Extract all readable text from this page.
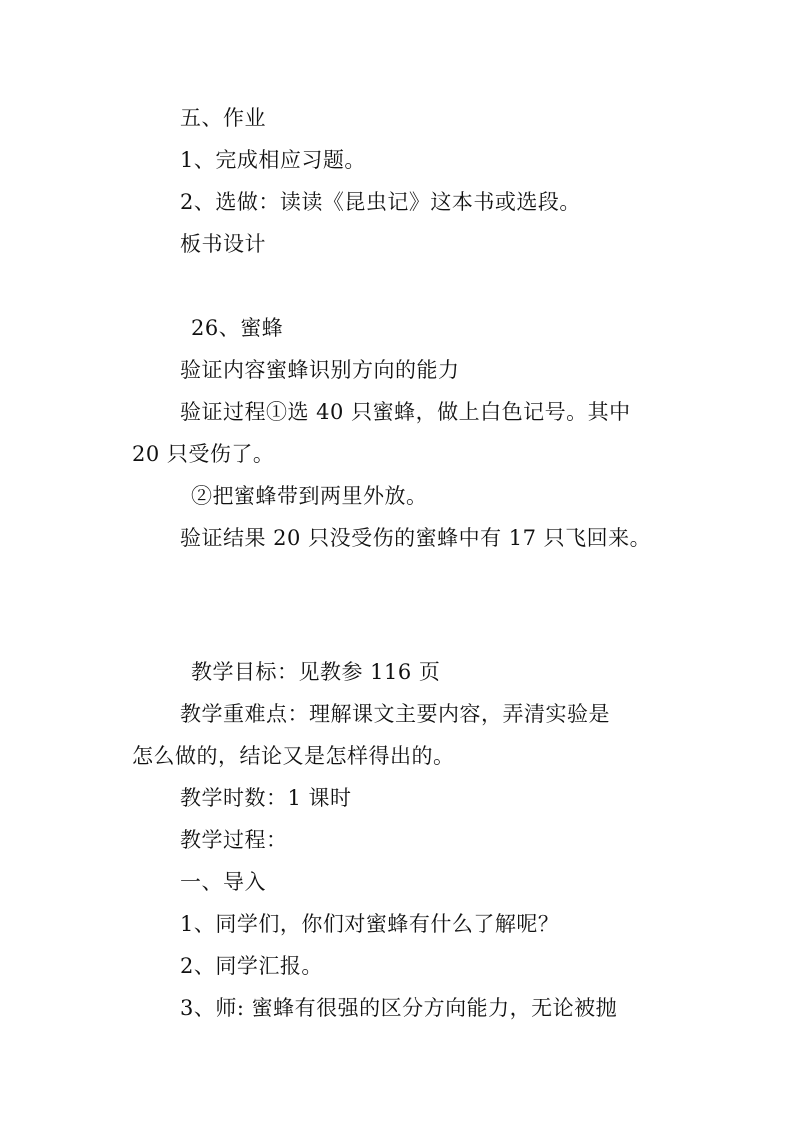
五、作业
1、完成相应习题。
2、选做：读读《昆虫记》这本书或选段。
板书设计
26、蜜蜂
验证内容蜜蜂识别方向的能力
验证过程①选 40 只蜜蜂，做上白色记号。其中
20 只受伤了。
②把蜜蜂带到两里外放。
验证结果 20 只没受伤的蜜蜂中有 17 只飞回来。
教学目标：见教参 116 页
教学重难点：理解课文主要内容，弄清实验是
怎么做的，结论又是怎样得出的。
教学时数：1 课时
教学过程：
一、导入
1、同学们，你们对蜜蜂有什么了解呢？
2、同学汇报。
3、师: 蜜蜂有很强的区分方向能力，无论被抛
